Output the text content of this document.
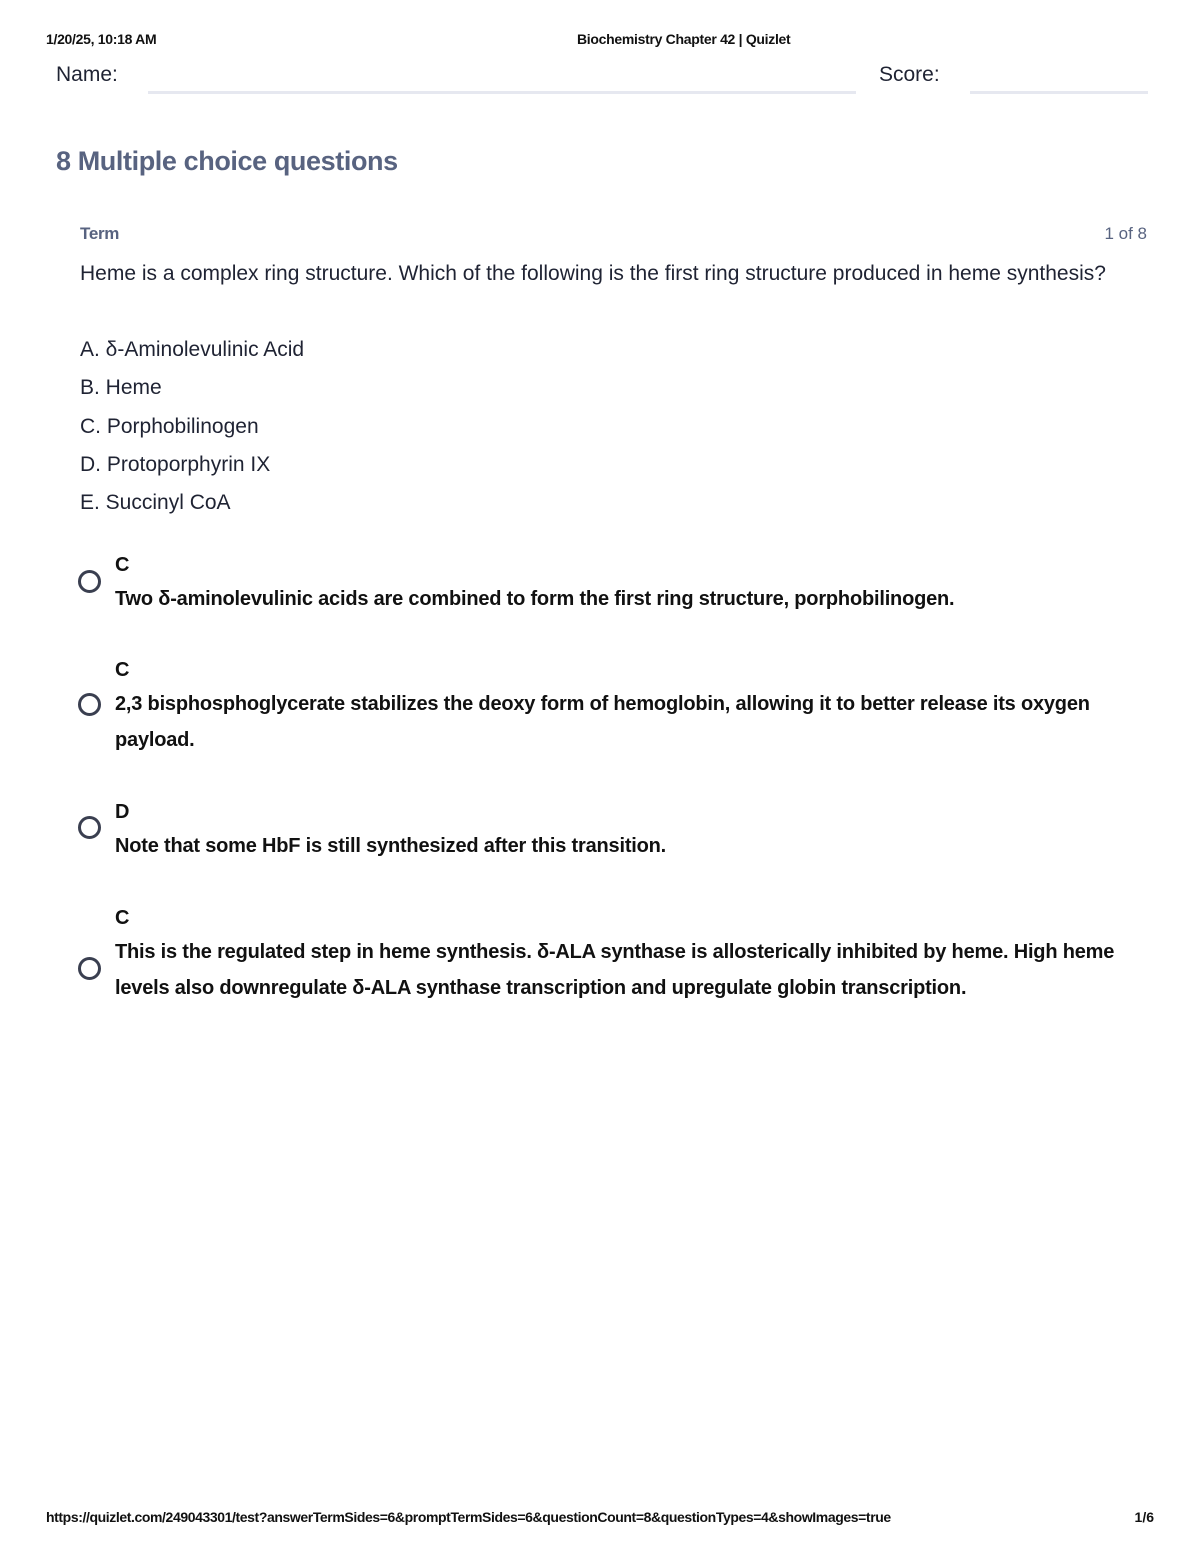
1/20/25, 10:18 AM	Biochemistry Chapter 42 | Quizlet
Name:	Score:
8 Multiple choice questions
Term	1 of 8

Heme is a complex ring structure. Which of the following is the first ring structure produced in heme synthesis?

A. δ-Aminolevulinic Acid
B. Heme
C. Porphobilinogen
D. Protoporphyrin IX
E. Succinyl CoA

C

Two δ-aminolevulinic acids are combined to form the first ring structure, porphobilinogen.

C

2,3 bisphosphoglycerate stabilizes the deoxy form of hemoglobin, allowing it to better release its oxygen payload.

D

Note that some HbF is still synthesized after this transition.

C

This is the regulated step in heme synthesis. δ-ALA synthase is allosterically inhibited by heme. High heme levels also downregulate δ-ALA synthase transcription and upregulate globin transcription.

https://quizlet.com/249043301/test?answerTermSides=6&promptTermSides=6&questionCount=8&questionTypes=4&showImages=true	1/6
